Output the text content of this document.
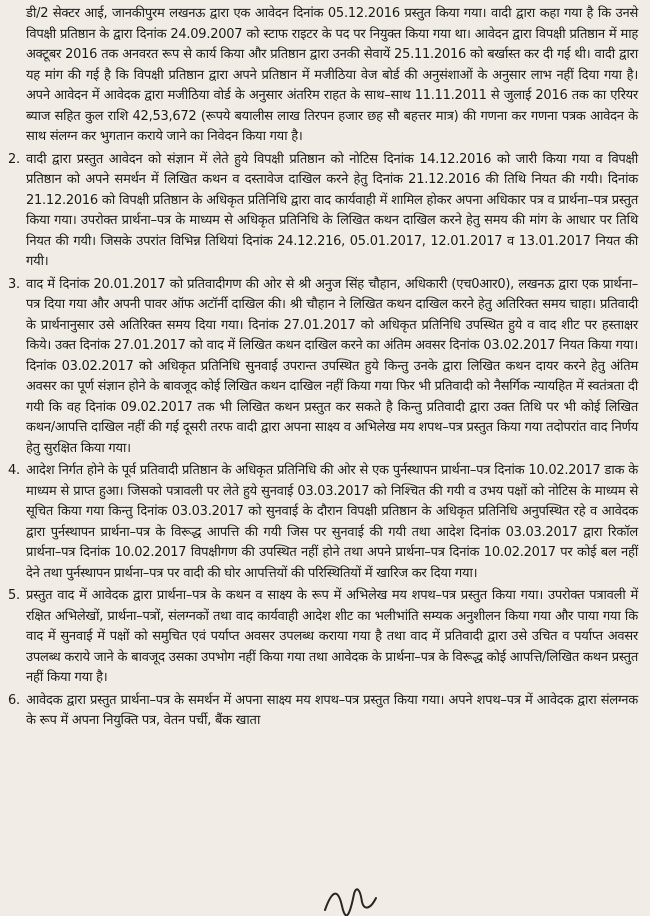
डी/2 सेक्टर आई, जानकीपुरम लखनऊ द्वारा एक आवेदन दिनांक 05.12.2016 प्रस्तुत किया गया। वादी द्वारा कहा गया है कि उनसे विपक्षी प्रतिष्ठान के द्वारा दिनांक 24.09.2007 को स्टाफ राइटर के पद पर नियुक्त किया गया था। आवेदन द्वारा विपक्षी प्रतिष्ठान में माह अक्टूबर 2016 तक अनवरत रूप से कार्य किया और प्रतिष्ठान द्वारा उनकी सेवायें 25.11.2016 को बर्खास्त कर दी गई थी। वादी द्वारा यह मांग की गई है कि विपक्षी प्रतिष्ठान द्वारा अपने प्रतिष्ठान में मजीठिया वेज बोर्ड की अनुसंशाओं के अनुसार लाभ नहीं दिया गया है। अपने आवेदन में आवेदक द्वारा मजीठिया वोर्ड के अनुसार अंतरिम राहत के साथ–साथ 11.11.2011 से जुलाई 2016 तक का एरियर ब्याज सहित कुल राशि 42,53,672 (रूपये बयालीस लाख तिरपन हजार छह सौ बहत्तर मात्र) की गणना कर गणना पत्रक आवेदन के साथ संलग्न कर भुगतान कराये जाने का निवेदन किया गया है।

2. वादी द्वारा प्रस्तुत आवेदन को संज्ञान में लेते हुये विपक्षी प्रतिष्ठान को नोटिस दिनांक 14.12.2016 को जारी किया गया व विपक्षी प्रतिष्ठान को अपने समर्थन में लिखित कथन व दस्तावेज दाखिल करने हेतु दिनांक 21.12.2016 की तिथि नियत की गयी। दिनांक 21.12.2016 को विपक्षी प्रतिष्ठान के अधिकृत प्रतिनिधि द्वारा वाद कार्यवाही में शामिल होकर अपना अधिकार पत्र व प्रार्थना–पत्र प्रस्तुत किया गया। उपरोक्त प्रार्थना–पत्र के माध्यम से अधिकृत प्रतिनिधि के लिखित कथन दाखिल करने हेतु समय की मांग के आधार पर तिथि नियत की गयी। जिसके उपरांत विभिन्न तिथियां दिनांक 24.12.216, 05.01.2017, 12.01.2017 व 13.01.2017 नियत की गयी।

3. वाद में दिनांक 20.01.2017 को प्रतिवादीगण की ओर से श्री अनुज सिंह चौहान, अधिकारी (एच0आर0), लखनऊ द्वारा एक प्रार्थना–पत्र दिया गया और अपनी पावर ऑफ अटॉर्नी दाखिल की। श्री चौहान ने लिखित कथन दाखिल करने हेतु अतिरिक्त समय चाहा। प्रतिवादी के प्रार्थनानुसार उसे अतिरिक्त समय दिया गया। दिनांक 27.01.2017 को अधिकृत प्रतिनिधि उपस्थित हुये व वाद शीट पर हस्ताक्षर किये। उक्त दिनांक 27.01.2017 को वाद में लिखित कथन दाखिल करने का अंतिम अवसर दिनांक 03.02.2017 नियत किया गया। दिनांक 03.02.2017 को अधिकृत प्रतिनिधि सुनवाई उपरान्त उपस्थित हुये किन्तु उनके द्वारा लिखित कथन दायर करने हेतु अंतिम अवसर का पूर्ण संज्ञान होने के बावजूद कोई लिखित कथन दाखिल नहीं किया गया फिर भी प्रतिवादी को नैसर्गिक न्यायहित में स्वतंत्रता दी गयी कि वह दिनांक 09.02.2017 तक भी लिखित कथन प्रस्तुत कर सकते है किन्तु प्रतिवादी द्वारा उक्त तिथि पर भी कोई लिखित कथन/आपत्ति दाखिल नहीं की गई दूसरी तरफ वादी द्वारा अपना साक्ष्य व अभिलेख मय शपथ–पत्र प्रस्तुत किया गया तदोपरांत वाद निर्णय हेतु सुरक्षित किया गया।

4. आदेश निर्गत होने के पूर्व प्रतिवादी प्रतिष्ठान के अधिकृत प्रतिनिधि की ओर से एक पुर्नस्थापन प्रार्थना–पत्र दिनांक 10.02.2017 डाक के माध्यम से प्राप्त हुआ। जिसको पत्रावली पर लेते हुये सुनवाई 03.03.2017 को निश्चित की गयी व उभय पक्षों को नोटिस के माध्यम से सूचित किया गया किन्तु दिनांक 03.03.2017 को सुनवाई के दौरान विपक्षी प्रतिष्ठान के अधिकृत प्रतिनिधि अनुपस्थित रहे व आवेदक द्वारा पुर्नस्थापन प्रार्थना–पत्र के विरूद्ध आपत्ति की गयी जिस पर सुनवाई की गयी तथा आदेश दिनांक 03.03.2017 द्वारा रिकॉल प्रार्थना–पत्र दिनांक 10.02.2017 विपक्षीगण की उपस्थित नहीं होने तथा अपने प्रार्थना–पत्र दिनांक 10.02.2017 पर कोई बल नहीं देने तथा पुर्नस्थापन प्रार्थना–पत्र पर वादी की घोर आपत्तियों की परिस्थितियों में खारिज कर दिया गया।

5. प्रस्तुत वाद में आवेदक द्वारा प्रार्थना–पत्र के कथन व साक्ष्य के रूप में अभिलेख मय शपथ–पत्र प्रस्तुत किया गया। उपरोक्त पत्रावली में रक्षित अभिलेखों, प्रार्थना–पत्रों, संलग्नकों तथा वाद कार्यवाही आदेश शीट का भलीभांति सम्यक अनुशीलन किया गया और पाया गया कि वाद में सुनवाई में पक्षों को समुचित एवं पर्याप्त अवसर उपलब्ध कराया गया है तथा वाद में प्रतिवादी द्वारा उसे उचित व पर्याप्त अवसर उपलब्ध कराये जाने के बावजूद उसका उपभोग नहीं किया गया तथा आवेदक के प्रार्थना–पत्र के विरूद्ध कोई आपत्ति/लिखित कथन प्रस्तुत नहीं किया गया है।

6. आवेदक द्वारा प्रस्तुत प्रार्थना–पत्र के समर्थन में अपना साक्ष्य मय शपथ–पत्र प्रस्तुत किया गया। अपने शपथ–पत्र में आवेदक द्वारा संलग्नक के रूप में अपना नियुक्ति पत्र, वेतन पर्ची, बैंक खाता
